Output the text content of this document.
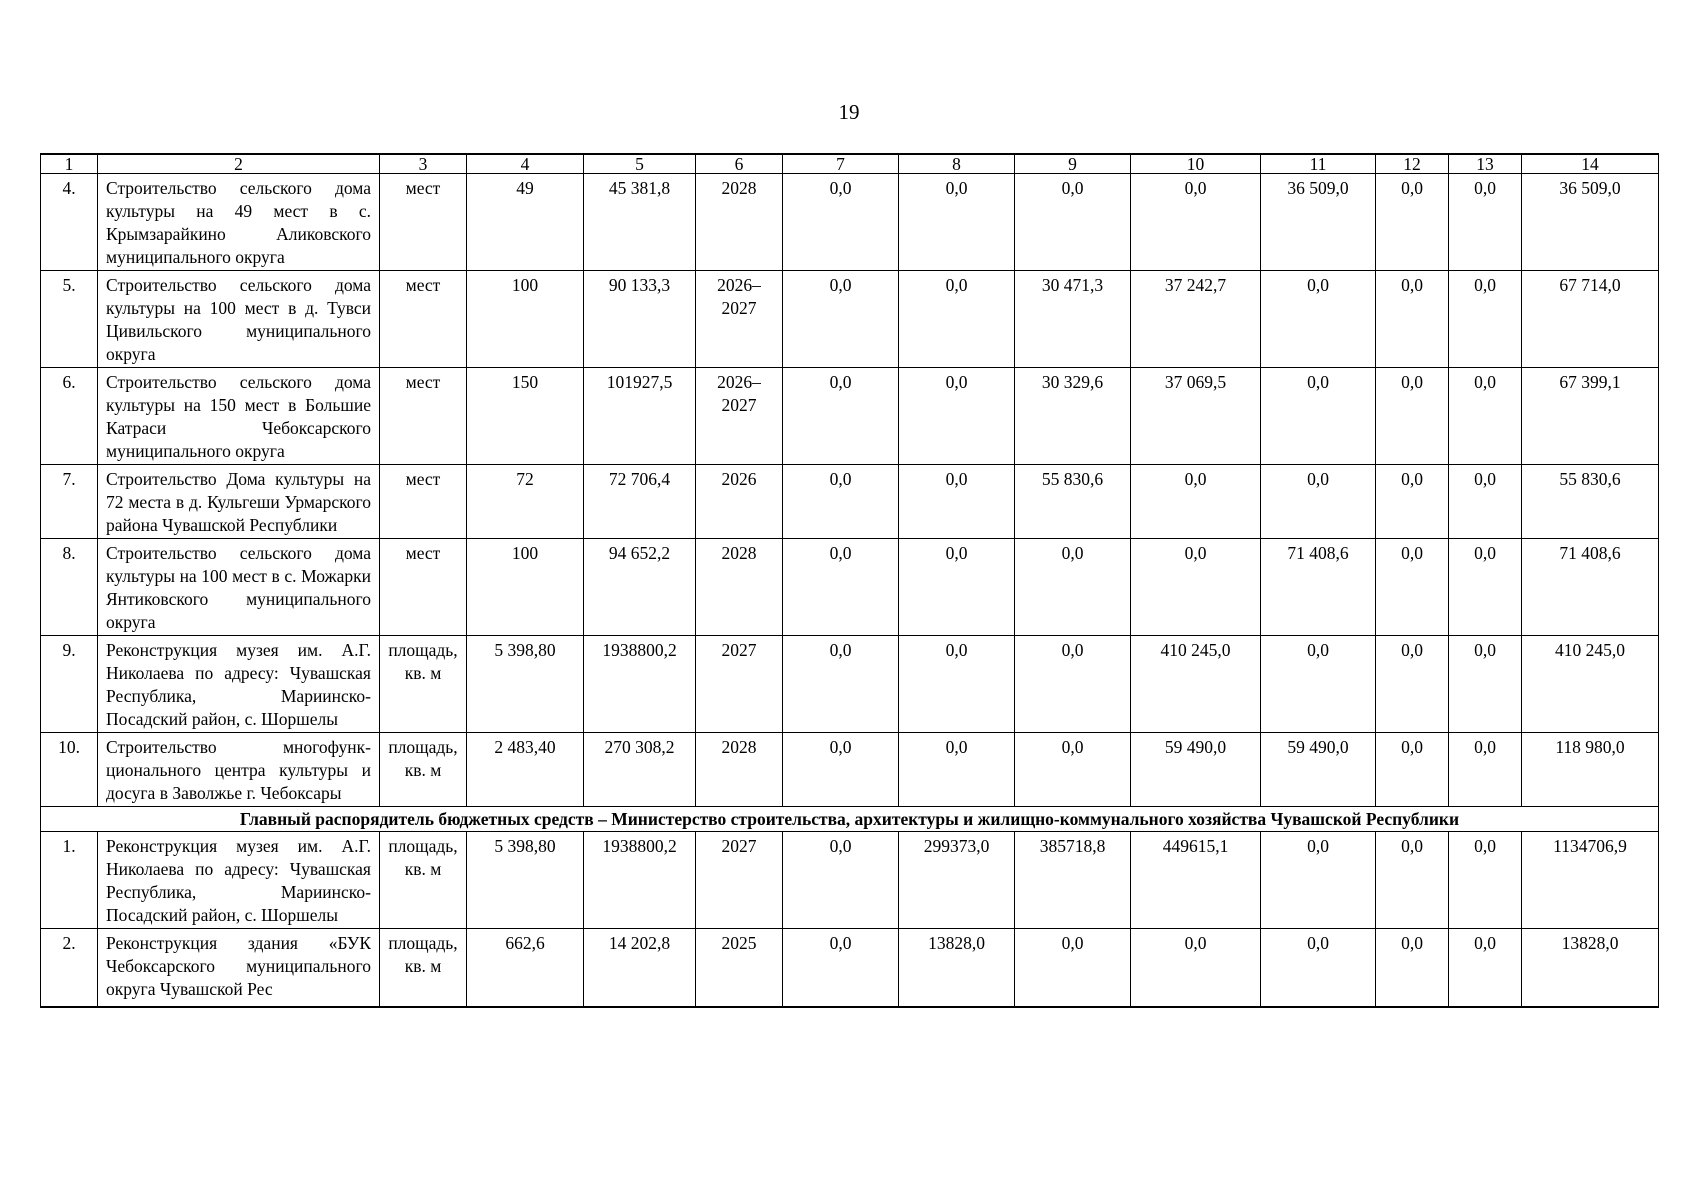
19
1	2	3	4	5	6	7	8	9	10	11	12	13	14
4.	Строительство сельского дома культуры на 49 мест в с. Крымзарайкино Аликовского муниципального округа	мест	49	45 381,8	2028	0,0	0,0	0,0	0,0	36 509,0	0,0	0,0	36 509,0
5.	Строительство сельского дома культуры на 100 мест в д. Тувси Цивильского муниципального округа	мест	100	90 133,3	2026–2027	0,0	0,0	30 471,3	37 242,7	0,0	0,0	0,0	67 714,0
6.	Строительство сельского дома культуры на 150 мест в Большие Катраси Чебоксарского муниципального округа	мест	150	101927,5	2026–2027	0,0	0,0	30 329,6	37 069,5	0,0	0,0	0,0	67 399,1
7.	Строительство Дома культуры на 72 места в д. Кульгеши Урмарского района Чувашской Республики	мест	72	72 706,4	2026	0,0	0,0	55 830,6	0,0	0,0	0,0	0,0	55 830,6
8.	Строительство сельского дома культуры на 100 мест в с. Можарки Янтиковского муниципального округа	мест	100	94 652,2	2028	0,0	0,0	0,0	0,0	71 408,6	0,0	0,0	71 408,6
9.	Реконструкция музея им. А.Г. Николаева по адресу: Чувашская Республика, Мариинско-Посадский район, с. Шоршелы	площадь, кв. м	5 398,80	1938800,2	2027	0,0	0,0	0,0	410 245,0	0,0	0,0	0,0	410 245,0
10.	Строительство многофункционального центра культуры и досуга в Заволжье г. Чебоксары	площадь, кв. м	2 483,40	270 308,2	2028	0,0	0,0	0,0	59 490,0	59 490,0	0,0	0,0	118 980,0
Главный распорядитель бюджетных средств – Министерство строительства, архитектуры и жилищно-коммунального хозяйства Чувашской Республики													
1.	Реконструкция музея им. А.Г. Николаева по адресу: Чувашская Республика, Мариинско-Посадский район, с. Шоршелы	площадь, кв. м	5 398,80	1938800,2	2027	0,0	299373,0	385718,8	449615,1	0,0	0,0	0,0	1134706,9

2.	Реконструкция здания «БУК Чебоксарского муниципального округа Чувашской Рес	площадь, кв. м	662,6	14 202,8	2025	0,0	13828,0	0,0	0,0	0,0	0,0	0,0	13828,0
